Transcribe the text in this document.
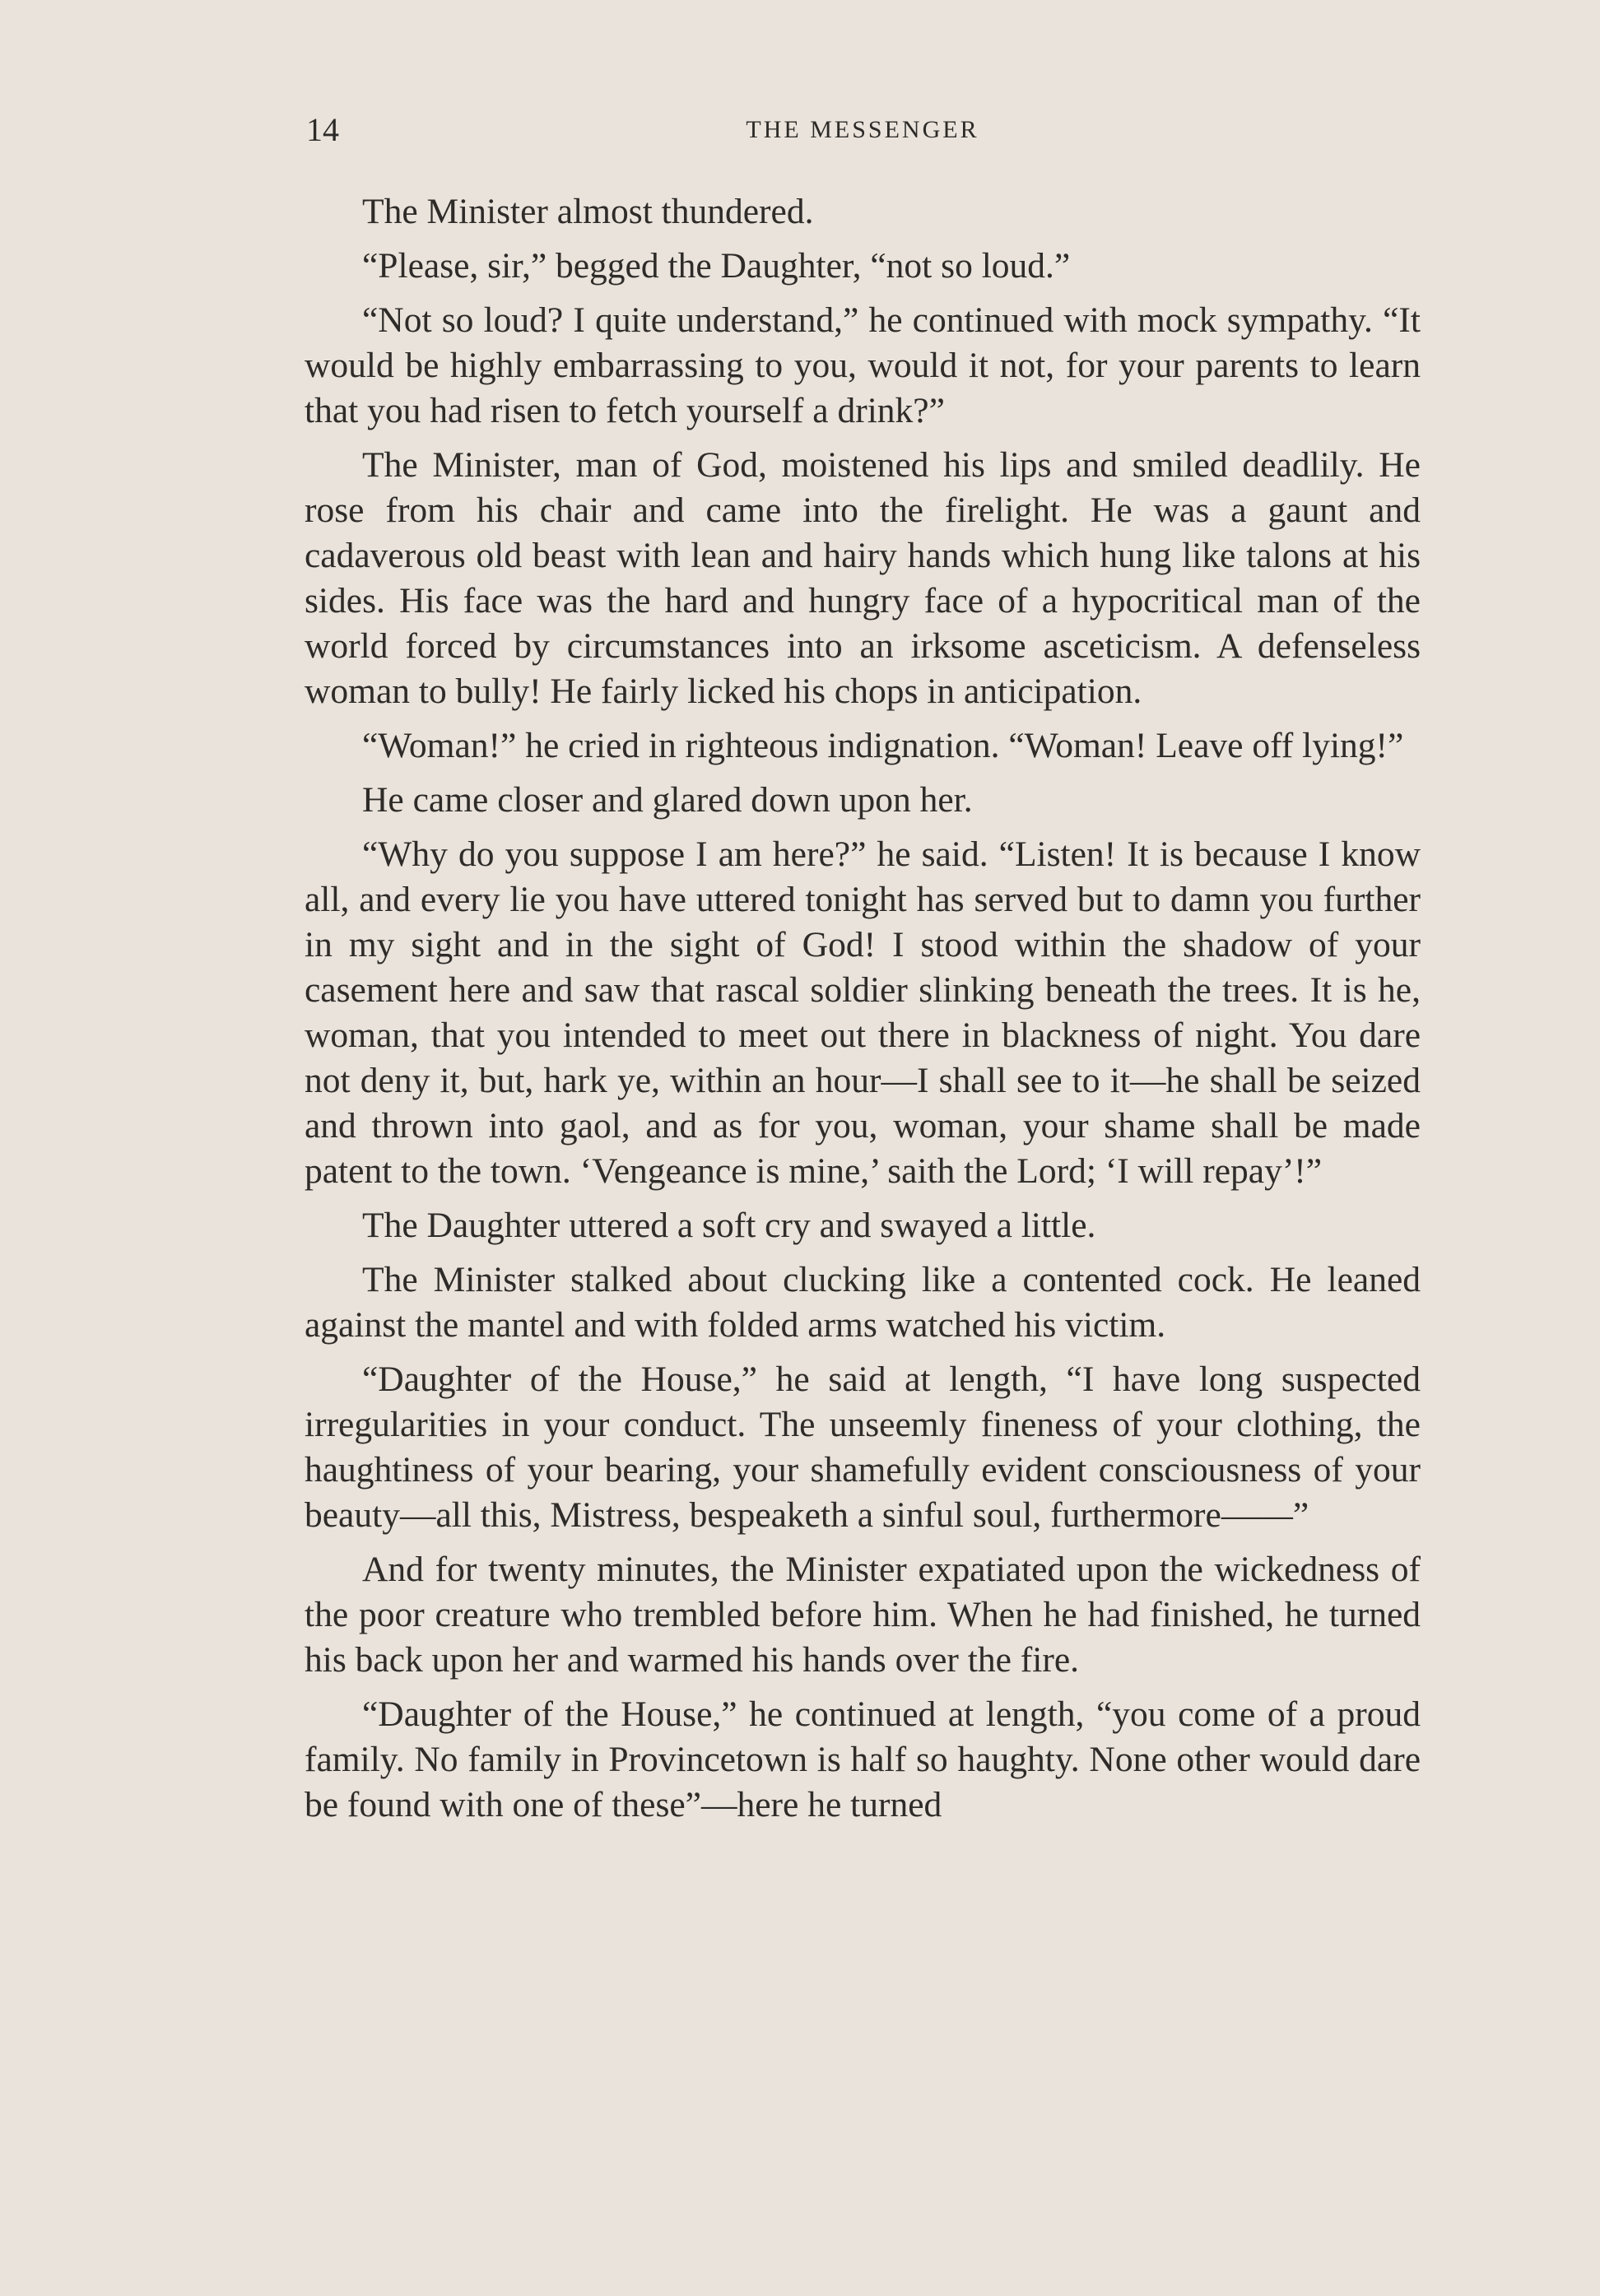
14	THE MESSENGER

The Minister almost thundered.

“Please, sir,” begged the Daughter, “not so loud.”

“Not so loud? I quite understand,” he continued with mock sympathy. “It would be highly embarrassing to you, would it not, for your parents to learn that you had risen to fetch yourself a drink?”

The Minister, man of God, moistened his lips and smiled deadlily. He rose from his chair and came into the firelight. He was a gaunt and cadaverous old beast with lean and hairy hands which hung like talons at his sides. His face was the hard and hungry face of a hypocritical man of the world forced by circumstances into an irksome asceticism. A defenseless woman to bully! He fairly licked his chops in anticipation.

“Woman!” he cried in righteous indignation. “Woman! Leave off lying!”

He came closer and glared down upon her.

“Why do you suppose I am here?” he said. “Listen! It is because I know all, and every lie you have uttered tonight has served but to damn you further in my sight and in the sight of God! I stood within the shadow of your casement here and saw that rascal soldier slinking beneath the trees. It is he, woman, that you intended to meet out there in blackness of night. You dare not deny it, but, hark ye, within an hour—I shall see to it—he shall be seized and thrown into gaol, and as for you, woman, your shame shall be made patent to the town. ‘Vengeance is mine,’ saith the Lord; ‘I will repay’!”

The Daughter uttered a soft cry and swayed a little.

The Minister stalked about clucking like a contented cock. He leaned against the mantel and with folded arms watched his victim.

“Daughter of the House,” he said at length, “I have long suspected irregularities in your conduct. The unseemly fineness of your clothing, the haughtiness of your bearing, your shamefully evident consciousness of your beauty—all this, Mistress, bespeaketh a sinful soul, furthermore——”

And for twenty minutes, the Minister expatiated upon the wickedness of the poor creature who trembled before him. When he had finished, he turned his back upon her and warmed his hands over the fire.

“Daughter of the House,” he continued at length, “you come of a proud family. No family in Provincetown is half so haughty. None other would dare be found with one of these”—here he turned
